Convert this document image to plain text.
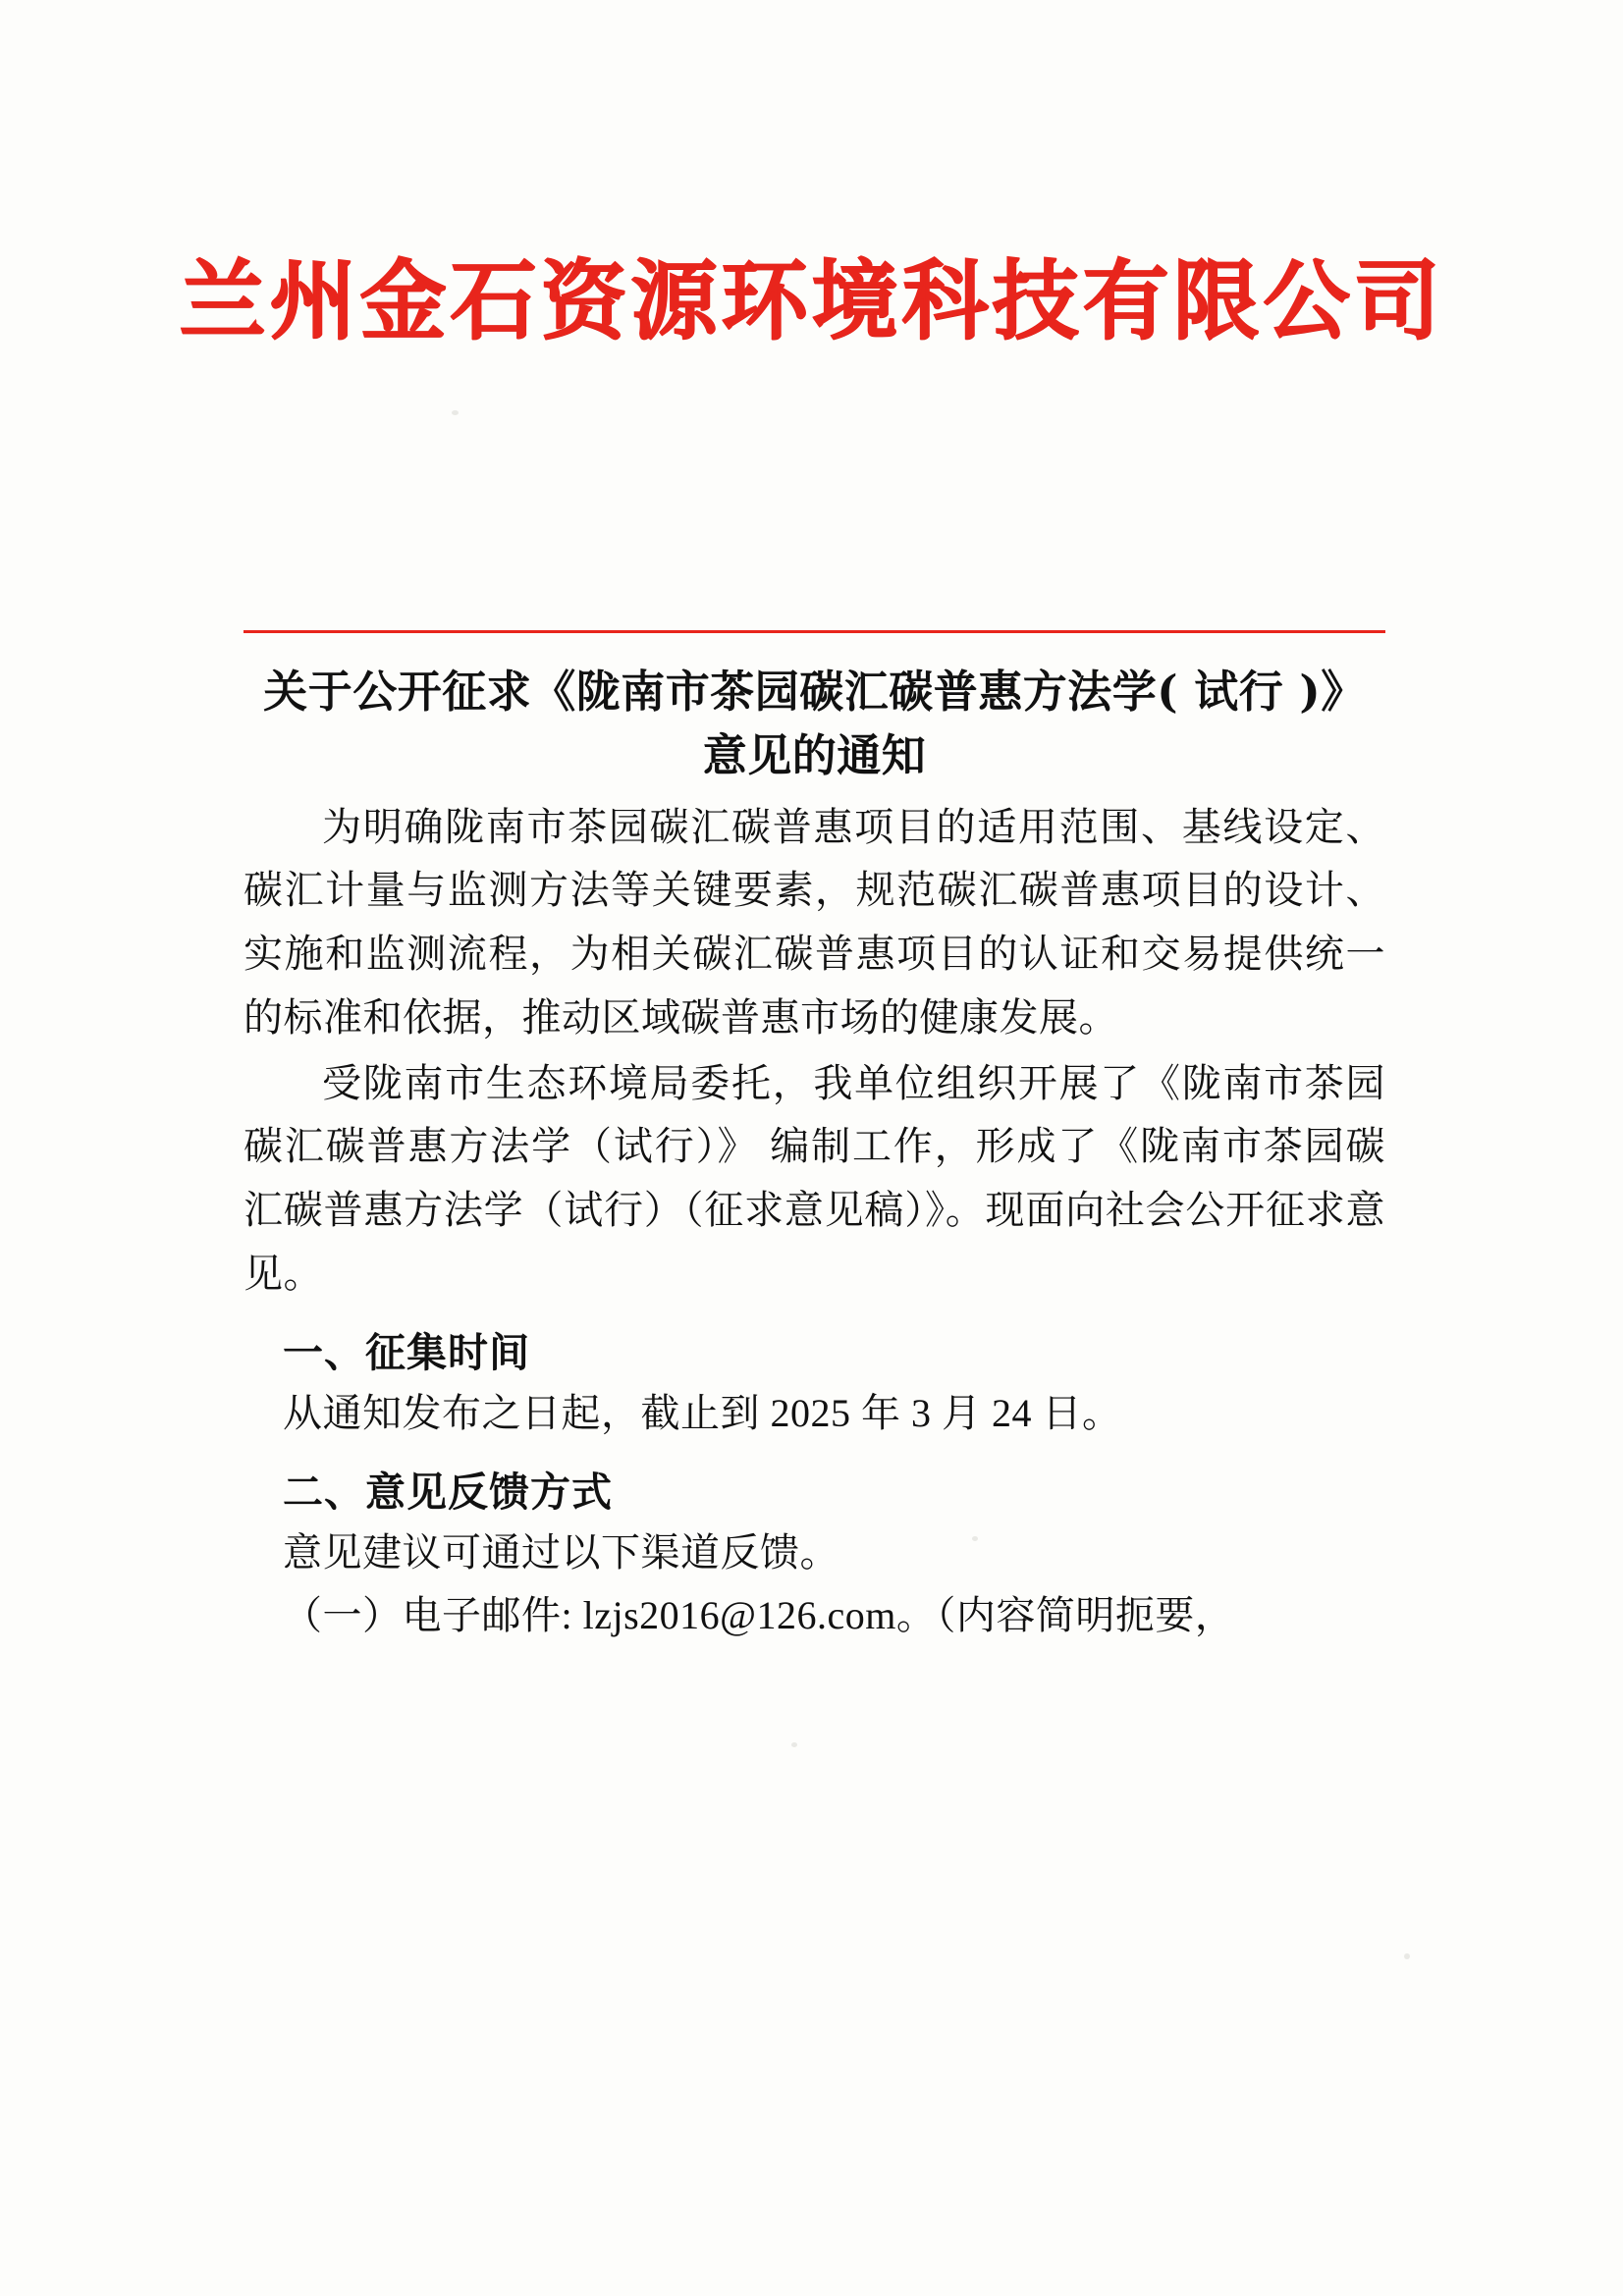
兰州金石资源环境科技有限公司
关于公开征求《陇南市茶园碳汇碳普惠方法学( 试行 )》
意见的通知

为明确陇南市茶园碳汇碳普惠项目的适用范围、基线设定、碳汇计量与监测方法等关键要素，规范碳汇碳普惠项目的设计、实施和监测流程，为相关碳汇碳普惠项目的认证和交易提供统一的标准和依据，推动区域碳普惠市场的健康发展。

受陇南市生态环境局委托，我单位组织开展了《陇南市茶园碳汇碳普惠方法学（试行）》 编制工作，形成了《陇南市茶园碳汇碳普惠方法学（试行）（征求意见稿）》。现面向社会公开征求意见。

一、征集时间

从通知发布之日起，截止到 2025 年 3 月 24 日。

二、意见反馈方式

意见建议可通过以下渠道反馈。

（一）电子邮件: lzjs2016@126.com。（内容简明扼要，
